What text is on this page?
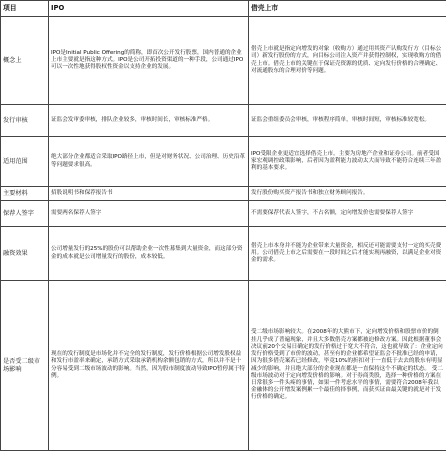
项目	IPO	借壳上市
概念上	IPO是Initial Public Offering的简称，即首次公开发行股票，国内普通的企业上市主要就是指这种方式。IPO是公司开拓投资渠道的一种手段，公司通过IPO可以一次性地获得股权性资金以支持企业的发展。	借壳上市就是指定向增发的对象（收购方）通过用其资产认购发行方（目标公司）新发行股份的方式，向目标公司注入资产并获得控制权，实现收购方的借壳上市。借壳上市的关键在于保证壳资源的优质、定向发行价格的合理确定、对流通股东的合理对价等问题。
发行审核	证监会发审委审核，排队企业较多，审核时间长，审核标准严格。	证监会重组委员会审核，审核程序简单，审核时间短，审核标准较宽松。
适用范围	绝大部分企业都适合采取IPO路径上市，但是对财务状况、公司治理、历史沿革等问题要求很高。	IPO受限企业更适宜选择借壳上市。主要为房地产企业和证券公司。前者受国家宏观调控政策影响，后者因为盈利能力波动太大而导致不能符合连续三年盈利的基本要求。
主要材料	招股说明书和保荐报告书	发行股份购买资产报告书和独立财务顾问报告。
保荐人签字	需要两名保荐人签字	不需要保荐代表人签字，不占名额，定向增发价也需要保荐人签字
融资效果	公司增量发行的25%的股份可以帮助企业一次性募集到大量资金，而这部分资金的成本就是公司增量发行的股份，成本较低。	借壳上市本身并不能为企业带来大量资金，相反还可能需要支付一定的买壳费用。公司借壳上市之后需要在一段时间之后才能实现再融资，以满足企业对资金的需求。
是否受二级市场影响	现在的发行制度是市场化并不完全的发行制度，发行价格根据公司增发股权益和发行市盈率来确定，承销方式采取承销机构余额包销的方式，所以并不是十分容易受到二级市场波动的影响。当然，因为股市制度波动导致IPO暂停属于特例。	受二级市场影响较大。在2008年的大熊市下，定向增发价格和股票市价的倒挂几乎成了普遍现象，并且大多数借壳方案都被迫修改方案。因此根据董事会决议前20个交易日确定的发行价格过于宽大不符合，这也就导致了：企业定向发行价格受到了市价的波动，甚至有的企业都希望证监会不批准已经的申请，因为很多借壳案若已经修改，毕竟10%的折扣对于一直低于去去的股东有明显减少的影响，并且绝大部分的企业现在都是一直保持这个不确定的状态。 受二级市场波动对于定向增发价格的影响。对于券商类股，选择一种价格的方案在日常很多一件头疼的事情，如果一件考虑水平的事情，需要符合2008年我以金融体的公开增发案例累一个最佳的择事例，而获买证由最关键的就是对于发行价格的确定。
